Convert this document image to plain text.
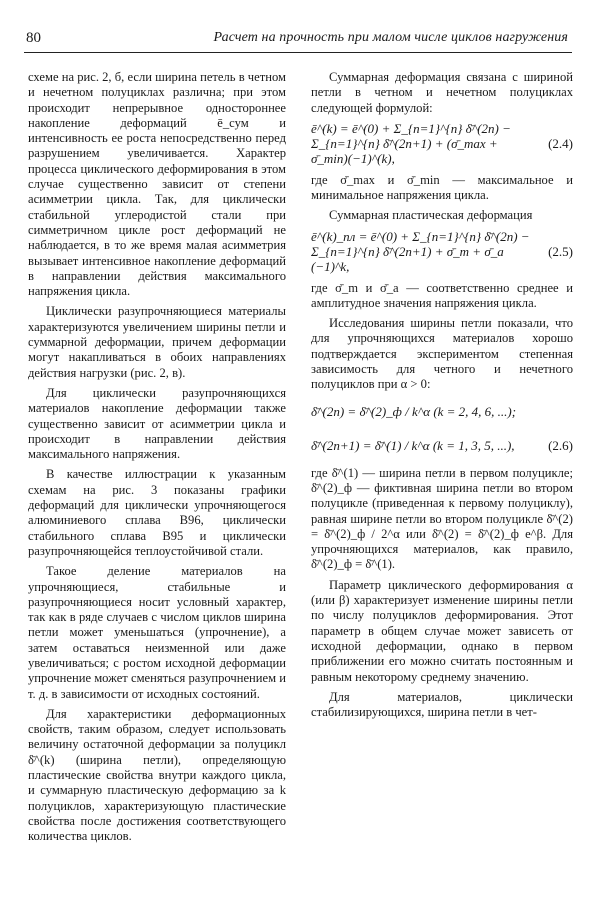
80	Расчет на прочность при малом числе циклов нагружения

схеме на рис. 2, б, если ширина петель в четном и нечетном полуциклах различна; при этом происходит непрерывное одностороннее накопление деформаций ē_сум и интенсивность ее роста непосредственно перед разрушением увеличивается. Характер процесса циклического деформирования в этом случае существенно зависит от степени асимметрии цикла. Так, для циклически стабильной углеродистой стали при симметричном цикле рост деформаций не наблюдается, в то же время малая асимметрия вызывает интенсивное накопление деформаций в направлении действия максимального напряжения цикла.

Циклически разупрочняющиеся материалы характеризуются увеличением ширины петли и суммарной деформации, причем деформации могут накапливаться в обоих направлениях действия нагрузки (рис. 2, в).

Для циклически разупрочняющихся материалов накопление деформации также существенно зависит от асимметрии цикла и происходит в направлении действия максимального напряжения.

В качестве иллюстрации к указанным схемам на рис. 3 показаны графики деформаций для циклически упрочняющегося алюминиевого сплава В96, циклически стабильного сплава В95 и циклически разупрочняющейся теплоустойчивой стали.

Такое деление материалов на упрочняющиеся, стабильные и разупрочняющиеся носит условный характер, так как в ряде случаев с числом циклов ширина петли может уменьшаться (упрочнение), а затем оставаться неизменной или даже увеличиваться; с ростом исходной деформации упрочнение может сменяться разупрочнением и т. д. в зависимости от исходных состояний.

Для характеристики деформационных свойств, таким образом, следует использовать величину остаточной деформации за полуцикл δ̄^(k) (ширина петли), определяющую пластические свойства внутри каждого цикла, и суммарную пластическую деформацию за k полуциклов, характеризующую пластические свойства после достижения соответствующего количества циклов.

Суммарная деформация связана с шириной петли в четном и нечетном полуциклах следующей формулой:

ē^(k) = ē^(0) + Σ_{n=1}^{n} δ̄^(2n) − Σ_{n=1}^{n} δ̄^(2n+1) + (σ̄_max + σ̄_min)(−1)^(k),
(2.4)

где σ̄_max и σ̄_min — максимальное и минимальное напряжения цикла.

Суммарная пластическая деформация

ē^(k)_пл = ē^(0) + Σ_{n=1}^{n} δ̄^(2n) − Σ_{n=1}^{n} δ̄^(2n+1) + σ̄_m + σ̄_a (−1)^k,
(2.5)

где σ̄_m и σ̄_a — соответственно среднее и амплитудное значения напряжения цикла.

Исследования ширины петли показали, что для упрочняющихся материалов хорошо подтверждается экспериментом степенная зависимость для четного и нечетного полуциклов при α > 0:

δ̄^(2n) = δ̄^(2)_ф / k^α (k = 2, 4, 6, ...);
δ̄^(2n+1) = δ̄^(1) / k^α (k = 1, 3, 5, ...),	(2.6)

где δ̄^(1) — ширина петли в первом полуцикле; δ̄^(2)_ф — фиктивная ширина петли во втором полуцикле (приведенная к первому полуциклу), равная ширине петли во втором полуцикле δ̄^(2) = δ̄^(2)_ф / 2^α или δ̄^(2) = δ̄^(2)_ф e^β. Для упрочняющихся материалов, как правило, δ̄^(2)_ф = δ̄^(1).

Параметр циклического деформирования α (или β) характеризует изменение ширины петли по числу полуциклов деформирования. Этот параметр в общем случае может зависеть от исходной деформации, однако в первом приближении его можно считать постоянным и равным некоторому среднему значению.

Для материалов, циклически стабилизирующихся, ширина петли в чет-
